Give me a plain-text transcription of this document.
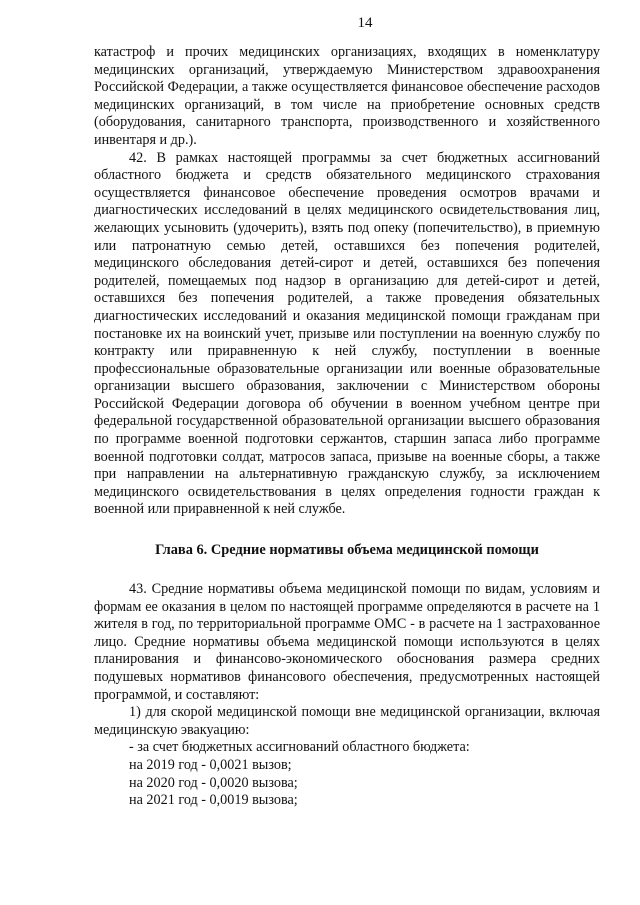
14

катастроф и прочих медицинских организациях, входящих в номенклатуру медицинских организаций, утверждаемую Министерством здравоохранения Российской Федерации, а также осуществляется финансовое обеспечение расходов медицинских организаций, в том числе на приобретение основных средств (оборудования, санитарного транспорта, производственного и хозяйственного инвентаря и др.).

42. В рамках настоящей программы за счет бюджетных ассигнований областного бюджета и средств обязательного медицинского страхования осуществляется финансовое обеспечение проведения осмотров врачами и диагностических исследований в целях медицинского освидетельствования лиц, желающих усыновить (удочерить), взять под опеку (попечительство), в приемную или патронатную семью детей, оставшихся без попечения родителей, медицинского обследования детей-сирот и детей, оставшихся без попечения родителей, помещаемых под надзор в организацию для детей-сирот и детей, оставшихся без попечения родителей, а также проведения обязательных диагностических исследований и оказания медицинской помощи гражданам при постановке их на воинский учет, призыве или поступлении на военную службу по контракту или приравненную к ней службу, поступлении в военные профессиональные образовательные организации или военные образовательные организации высшего образования, заключении с Министерством обороны Российской Федерации договора об обучении в военном учебном центре при федеральной государственной образовательной организации высшего образования по программе военной подготовки сержантов, старшин запаса либо программе военной подготовки солдат, матросов запаса, призыве на военные сборы, а также при направлении на альтернативную гражданскую службу, за исключением медицинского освидетельствования в целях определения годности граждан к военной или приравненной к ней службе.

Глава 6. Средние нормативы объема медицинской помощи

43. Средние нормативы объема медицинской помощи по видам, условиям и формам ее оказания в целом по настоящей программе определяются в расчете на 1 жителя в год, по территориальной программе ОМС - в расчете на 1 застрахованное лицо. Средние нормативы объема медицинской помощи используются в целях планирования и финансово-экономического обоснования размера средних подушевых нормативов финансового обеспечения, предусмотренных настоящей программой, и составляют:

1) для скорой медицинской помощи вне медицинской организации, включая медицинскую эвакуацию:

- за счет бюджетных ассигнований областного бюджета:

на 2019 год - 0,0021 вызов;

на 2020 год - 0,0020 вызова;

на 2021 год - 0,0019 вызова;
